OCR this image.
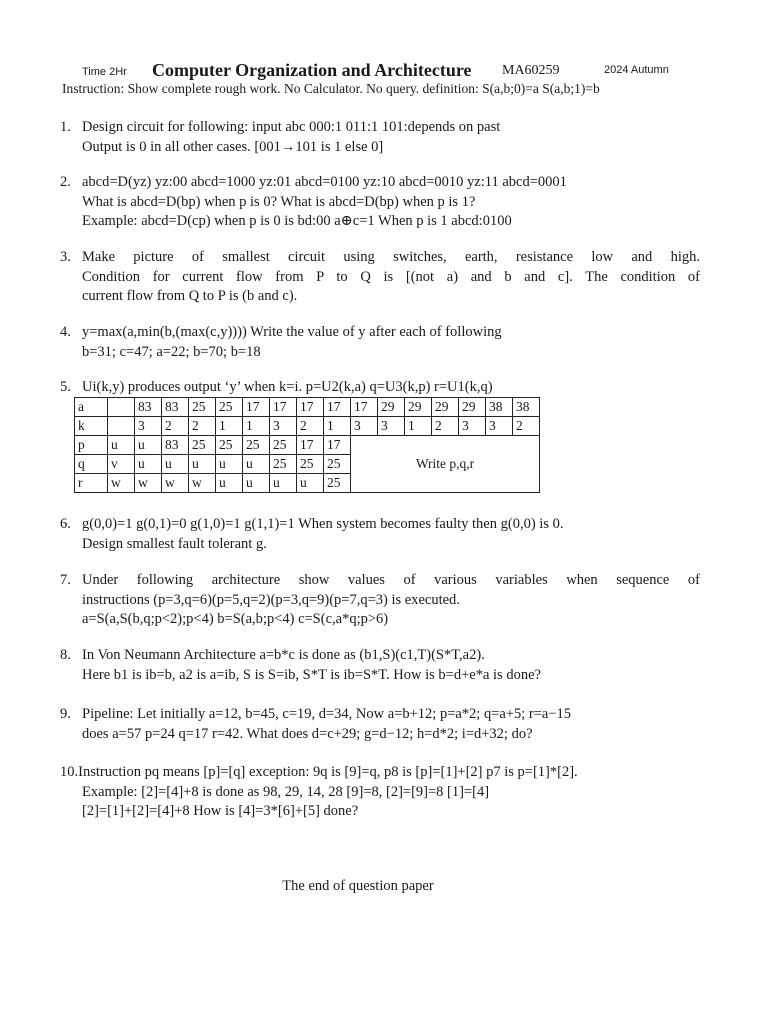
Time 2Hr Computer Organization and Architecture MA60259	2024 Autumn
Instruction: Show complete rough work. No Calculator. No query. definition: S(a,b;0)=a S(a,b;1)=b
1. Design circuit for following: input abc 000:1 011:1 101:depends on past
Output is 0 in all other cases. [001→101 is 1 else 0]
2. abcd=D(yz) yz:00 abcd=1000 yz:01 abcd=0100 yz:10 abcd=0010 yz:11 abcd=0001
What is abcd=D(bp) when p is 0? What is abcd=D(bp) when p is 1?
Example: abcd=D(cp) when p is 0 is bd:00 a⊕c=1 When p is 1 abcd:0100
3. Make picture of smallest circuit using switches, earth, resistance low and high.
Condition for current flow from P to Q is [(not a) and b and c]. The condition of
current flow from Q to P is (b and c).
4. y=max(a,min(b,(max(c,y)))) Write the value of y after each of following
b=31; c=47; a=22; b=70; b=18
5. Ui(k,y) produces output ‘y’ when k=i. p=U2(k,a) q=U3(k,p) r=U1(k,q)
a		83	83	25	25	17	17	17	17	17	29	29	29	29	38	38
k		3	2	2	1	1	3	2	1	3	3	1	2	3	3	2
p	u	u	83	25	25	25	25	17	17	Write p,q,r						
q	v	u	u	u	u	u	25	25	25							
r	w	w	w	w	u	u	u	u	25							
6. g(0,0)=1 g(0,1)=0 g(1,0)=1 g(1,1)=1 When system becomes faulty then g(0,0) is 0.
Design smallest fault tolerant g.
7. Under following architecture show values of various variables when sequence of
instructions (p=3,q=6)(p=5,q=2)(p=3,q=9)(p=7,q=3) is executed.
a=S(a,S(b,q;p<2);p<4) b=S(a,b;p<4) c=S(c,a*q;p>6)
8. In Von Neumann Architecture a=b*c is done as (b1,S)(c1,T)(S*T,a2).
Here b1 is ib=b, a2 is a=ib, S is S=ib, S*T is ib=S*T. How is b=d+e*a is done?
9. Pipeline: Let initially a=12, b=45, c=19, d=34, Now a=b+12; p=a*2; q=a+5; r=a−15
does a=57 p=24 q=17 r=42. What does d=c+29; g=d−12; h=d*2; i=d+32; do?
10.Instruction pq means [p]=[q] exception: 9q is [9]=q, p8 is [p]=[1]+[2] p7 is p=[1]*[2].
Example: [2]=[4]+8 is done as 98, 29, 14, 28 [9]=8, [2]=[9]=8 [1]=[4]
[2]=[1]+[2]=[4]+8 How is [4]=3*[6]+[5] done?
The end of question paper
